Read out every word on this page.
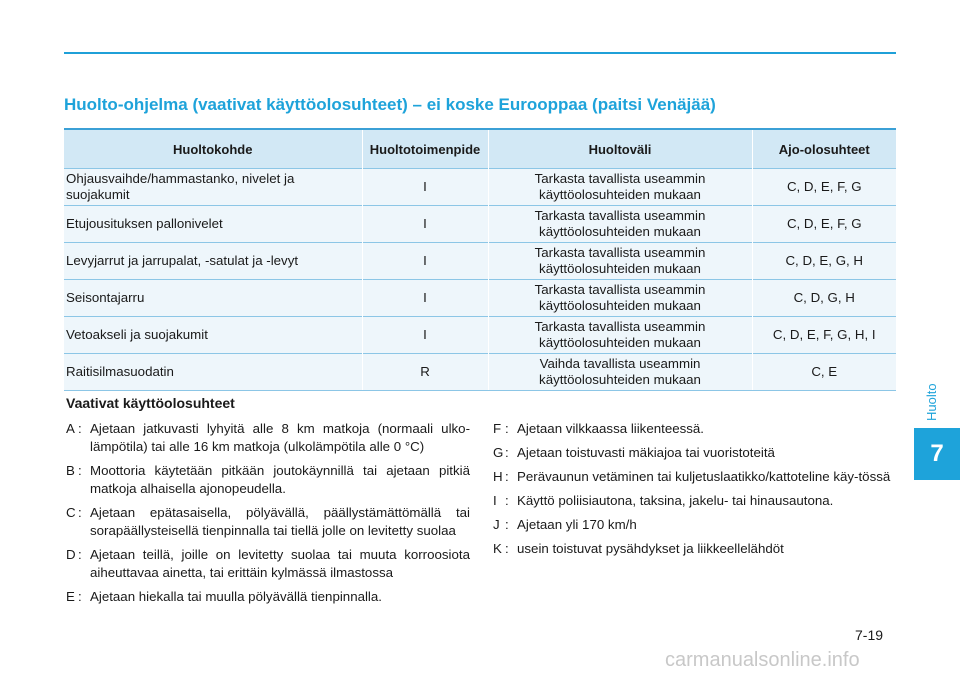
Huolto-ohjelma (vaativat käyttöolosuhteet) – ei koske Eurooppaa (paitsi Venäjää)
Huoltokohde	Huoltotoimenpide	Huoltoväli	Ajo-olosuhteet
Ohjausvaihde/hammastanko, nivelet ja suojakumit	I	Tarkasta tavallista useammin käyttöolosuhteiden mukaan	C, D, E, F, G
Etujousituksen pallonivelet	I	Tarkasta tavallista useammin käyttöolosuhteiden mukaan	C, D, E, F, G
Levyjarrut ja jarrupalat, -satulat ja -levyt	I	Tarkasta tavallista useammin käyttöolosuhteiden mukaan	C, D, E, G, H
Seisontajarru	I	Tarkasta tavallista useammin käyttöolosuhteiden mukaan	C, D, G, H
Vetoakseli ja suojakumit	I	Tarkasta tavallista useammin käyttöolosuhteiden mukaan	C, D, E, F, G, H, I
Raitisilmasuodatin	R	Vaihda tavallista useammin käyttöolosuhteiden mukaan	C, E
Vaativat käyttöolosuhteet
A : Ajetaan jatkuvasti lyhyitä alle 8 km matkoja (normaali ulko-lämpötila) tai alle 16 km matkoja (ulkolämpötila alle 0 °C)
B : Moottoria käytetään pitkään joutokäynnillä tai ajetaan pitkiä matkoja alhaisella ajonopeudella.
C : Ajetaan epätasaisella, pölyävällä, päällystämättömällä tai sorapäällysteisellä tienpinnalla tai tiellä jolle on levitetty suolaa
D : Ajetaan teillä, joille on levitetty suolaa tai muuta korroosiota aiheuttavaa ainetta, tai erittäin kylmässä ilmastossa
E : Ajetaan hiekalla tai muulla pölyävällä tienpinnalla.
F : Ajetaan vilkkaassa liikenteessä.
G : Ajetaan toistuvasti mäkiajoa tai vuoristoteitä
H : Perävaunun vetäminen tai kuljetuslaatikko/kattoteline käy-tössä
I : Käyttö poliisiautona, taksina, jakelu- tai hinausautona.
J : Ajetaan yli 170 km/h
K : usein toistuvat pysähdykset ja liikkeellelähdöt
Huolto
7
7-19
carmanualsonline.info
